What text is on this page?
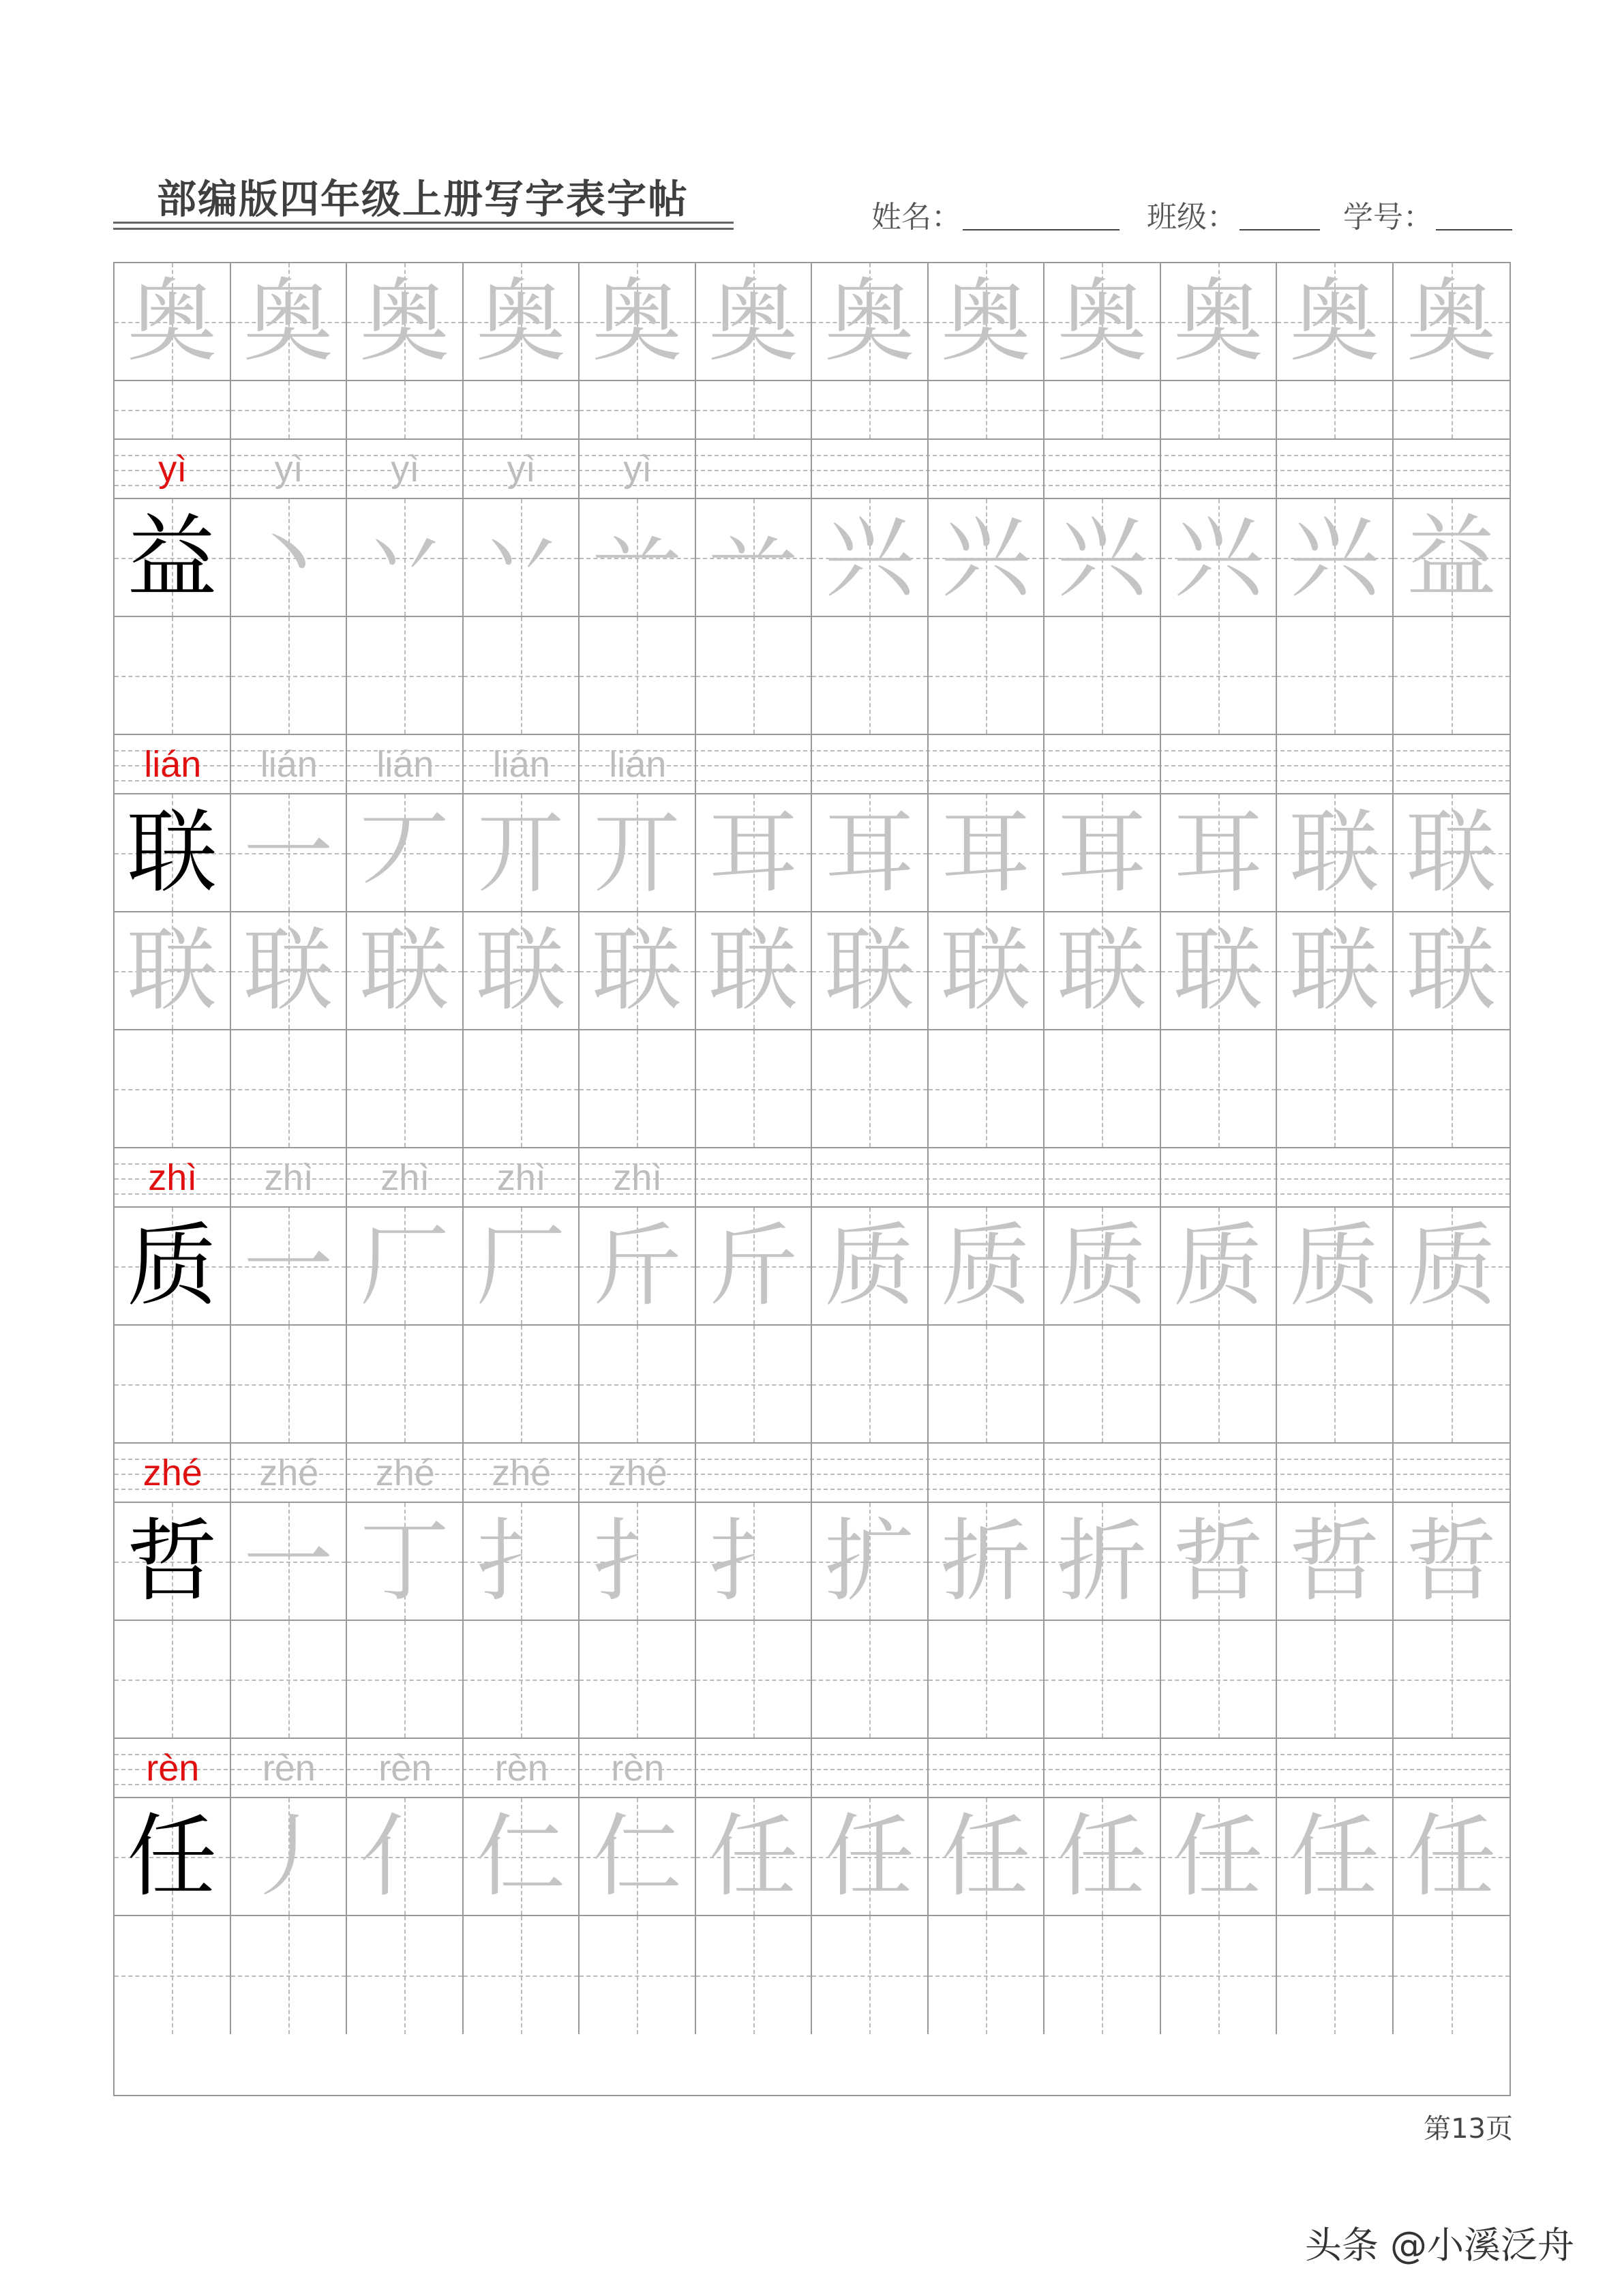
部编版四年级上册写字表字帖	姓名：	班级：	学号：
奥 奥 奥 奥 奥 奥 奥 奥 奥 奥 奥 奥
yì	yì	yì	yì	yì
益 丶 丷 丷 䒑 䒑 兴 兴 兴 兴 兴 益
lián	lián	lián	lián	lián
联 一 丆 丌 丌 耳 耳 耳 耳 耳 联 联
联 联 联 联 联 联 联 联 联 联 联 联
zhì	zhì	zhì	zhì	zhì
质 一 厂 厂 斤 斤 质 质 质 质 质 质
zhé	zhé	zhé	zhé	zhé
哲 一 丁 扌 扌 扌 扩 折 折 哲 哲 哲
rèn	rèn	rèn	rèn	rèn
任 丿 亻 仁 仁 任 任 任 任 任 任 任
第13页
头条 @小溪泛舟
